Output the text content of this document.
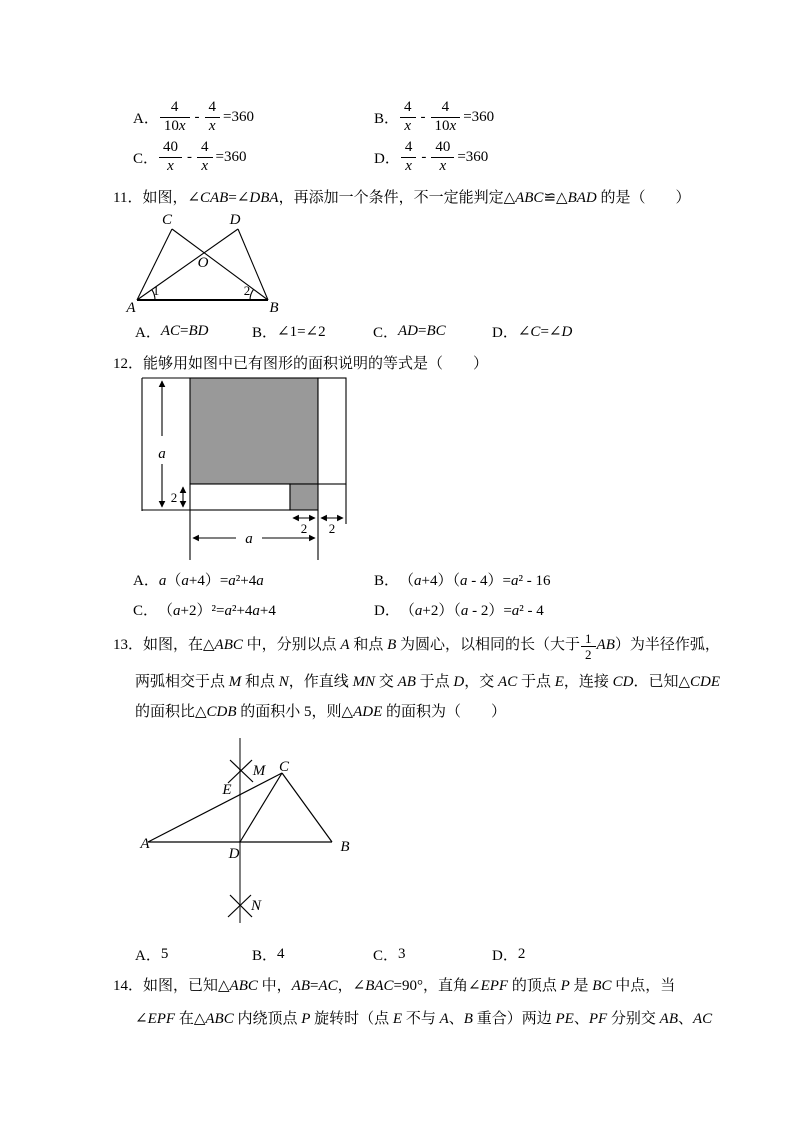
A． $\frac{4}{10x} - \frac{4}{x} =360$	B． $\frac{4}{x} - \frac{4}{10x} =360$
C． $\frac{40}{x} - \frac{4}{x} =360$	D． $\frac{4}{x} - \frac{40}{x} =360$
11．如图，∠CAB=∠DBA，再添加一个条件，不一定能判定△ABC≌△BAD 的是（　　）
A	B
C	D
O
1	2
A． AC=BD	B． ∠1=∠2	C． AD=BC	D． ∠C=∠D
12．能够用如图中已有图形的面积说明的等式是（　　）
a
2
2 2
a
A． a（a+4）=a²+4a	B． （a+4）（a - 4）=a² - 16
C． （a+2）²=a²+4a+4	D． （a+2）（a - 2）=a² - 4
13．如图，在△ABC 中，分别以点 A 和点 B 为圆心，以相同的长（大于 $\frac{1}{2} AB$）为半径作弧，
两弧相交于点 M 和点 N，作直线 MN 交 AB 于点 D，交 AC 于点 E，连接 CD．已知△CDE
的面积比△CDB 的面积小 5，则△ADE 的面积为（　　）
A	B
C
D
E
M
N
A． 5	B． 4	C． 3	D． 2
14．如图，已知△ABC 中，AB=AC，∠BAC=90°，直角∠EPF 的顶点 P 是 BC 中点，当
∠EPF 在△ABC 内绕顶点 P 旋转时（点 E 不与 A、B 重合）两边 PE、PF 分别交 AB、AC
